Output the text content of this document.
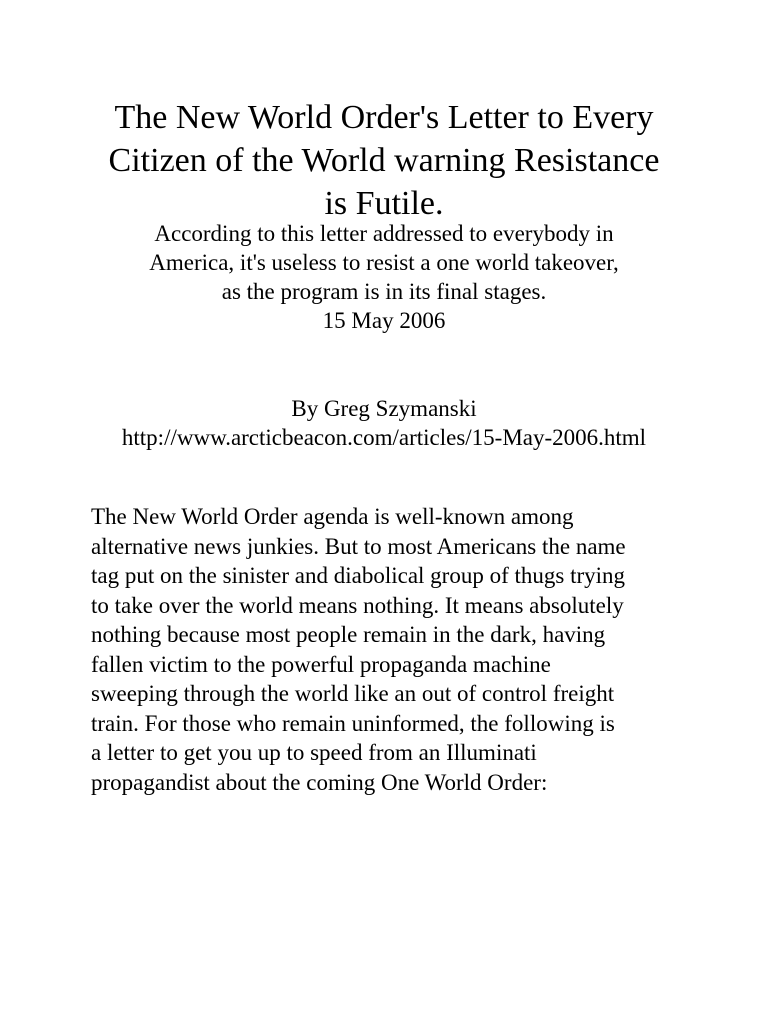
The New World Order's Letter to Every
Citizen of the World warning Resistance
is Futile.
According to this letter addressed to everybody in
America, it's useless to resist a one world takeover,
as the program is in its final stages.
15 May 2006
By Greg Szymanski
http://www.arcticbeacon.com/articles/15-May-2006.html
The New World Order agenda is well-known among
alternative news junkies. But to most Americans the name
tag put on the sinister and diabolical group of thugs trying
to take over the world means nothing. It means absolutely
nothing because most people remain in the dark, having
fallen victim to the powerful propaganda machine
sweeping through the world like an out of control freight
train. For those who remain uninformed, the following is
a letter to get you up to speed from an Illuminati
propagandist about the coming One World Order:
